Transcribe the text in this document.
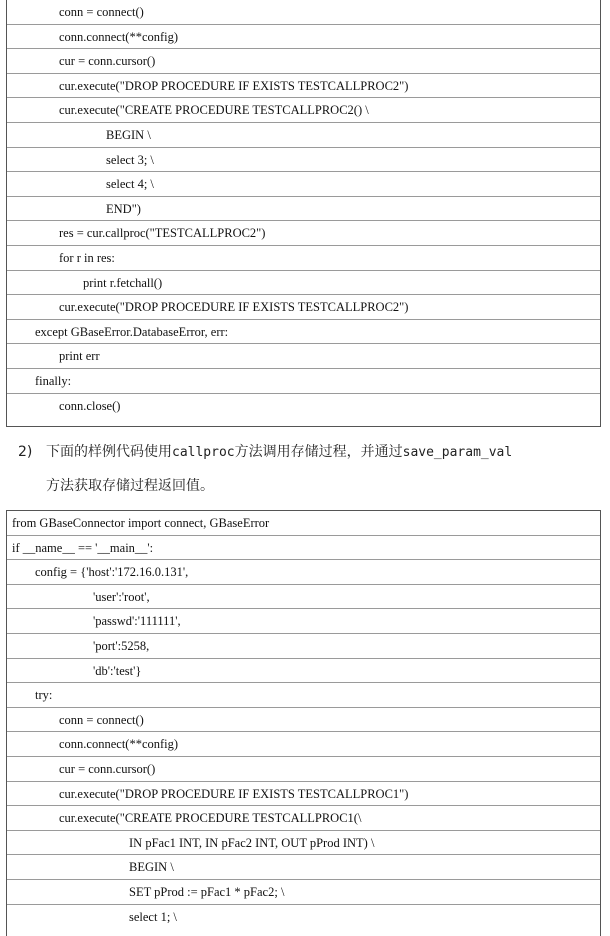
conn = connect()
conn.connect(**config)
cur = conn.cursor()
cur.execute("DROP PROCEDURE IF EXISTS TESTCALLPROC2")
cur.execute("CREATE PROCEDURE TESTCALLPROC2() \
BEGIN \
select 3; \
select 4; \
END")
res = cur.callproc("TESTCALLPROC2")
for r in res:
print r.fetchall()
cur.execute("DROP PROCEDURE IF EXISTS TESTCALLPROC2")
except GBaseError.DatabaseError, err:
print err
finally:
conn.close()
2) 下面的样例代码使用callproc方法调用存储过程，并通过save_param_val
方法获取存储过程返回值。
from GBaseConnector import connect, GBaseError
if __name__ == '__main__':
config = {'host':'172.16.0.131',
'user':'root',
'passwd':'111111',
'port':5258,
'db':'test'}
try:
conn = connect()
conn.connect(**config)
cur = conn.cursor()
cur.execute("DROP PROCEDURE IF EXISTS TESTCALLPROC1")
cur.execute("CREATE PROCEDURE TESTCALLPROC1(\
IN pFac1 INT, IN pFac2 INT, OUT pProd INT) \
BEGIN \
SET pProd := pFac1 * pFac2; \
select 1; \
